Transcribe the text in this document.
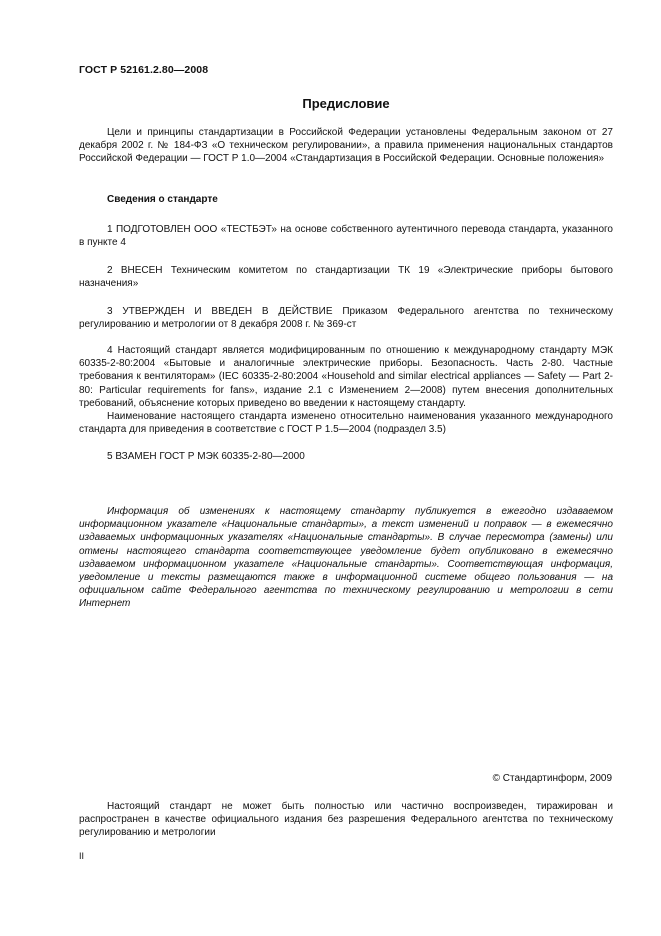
ГОСТ Р 52161.2.80—2008
Предисловие
Цели и принципы стандартизации в Российской Федерации установлены Федеральным законом от 27 декабря 2002 г. № 184-ФЗ «О техническом регулировании», а правила применения национальных стандартов Российской Федерации — ГОСТ Р 1.0—2004 «Стандартизация в Российской Федерации. Основные положения»
Сведения о стандарте
1 ПОДГОТОВЛЕН ООО «ТЕСТБЭТ» на основе собственного аутентичного перевода стандарта, указанного в пункте 4
2 ВНЕСЕН Техническим комитетом по стандартизации ТК 19 «Электрические приборы бытового назначения»
3 УТВЕРЖДЕН И ВВЕДЕН В ДЕЙСТВИЕ Приказом Федерального агентства по техническому регулированию и метрологии от 8 декабря 2008 г. № 369-ст
4 Настоящий стандарт является модифицированным по отношению к международному стандарту МЭК 60335-2-80:2004 «Бытовые и аналогичные электрические приборы. Безопасность. Часть 2-80. Частные требования к вентиляторам» (IEC 60335-2-80:2004 «Household and similar electrical appliances — Safety — Part 2-80: Particular requirements for fans», издание 2.1 с Изменением 2—2008) путем внесения дополнительных требований, объяснение которых приведено во введении к настоящему стандарту.
Наименование настоящего стандарта изменено относительно наименования указанного международного стандарта для приведения в соответствие с ГОСТ Р 1.5—2004 (подраздел 3.5)
5 ВЗАМЕН ГОСТ Р МЭК 60335-2-80—2000
Информация об изменениях к настоящему стандарту публикуется в ежегодно издаваемом информационном указателе «Национальные стандарты», а текст изменений и поправок — в ежемесячно издаваемых информационных указателях «Национальные стандарты». В случае пересмотра (замены) или отмены настоящего стандарта соответствующее уведомление будет опубликовано в ежемесячно издаваемом информационном указателе «Национальные стандарты». Соответствующая информация, уведомление и тексты размещаются также в информационной системе общего пользования — на официальном сайте Федерального агентства по техническому регулированию и метрологии в сети Интернет
© Стандартинформ, 2009
Настоящий стандарт не может быть полностью или частично воспроизведен, тиражирован и распространен в качестве официального издания без разрешения Федерального агентства по техническому регулированию и метрологии
II
